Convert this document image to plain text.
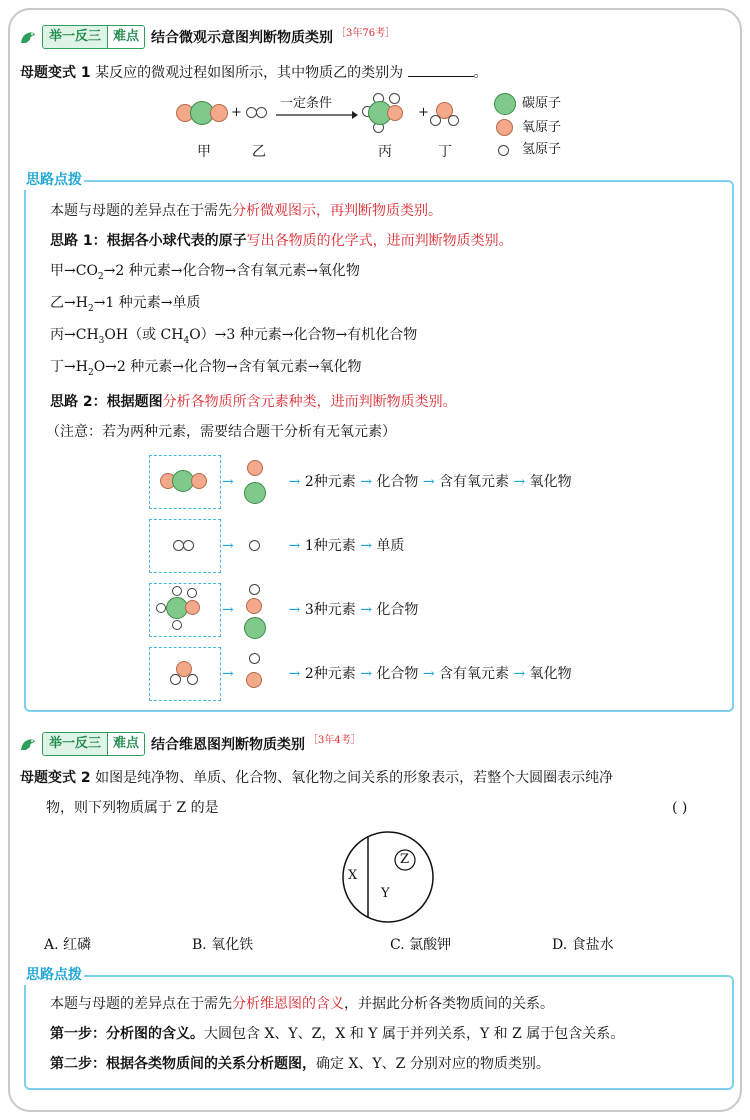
举一反三 难点 结合微观示意图判断物质类别 ［3年76考］
母题变式 1 某反应的微观过程如图所示，其中物质乙的类别为	。
+
一定条件
+
甲	乙	丙	丁
碳原子
氧原子
氢原子
思路点拨
本题与母题的差异点在于需先分析微观图示，再判断物质类别。
思路 1：根据各小球代表的原子写出各物质的化学式，进而判断物质类别。
甲$\to CO_2\to 2$ 种元素→化合物→含有氧元素→氧化物
乙$\to H_2\to 1$ 种元素→单质
丙$\to CH_3OH$（或 $CH_4O)\to 3$ 种元素→化合物→有机化合物
丁$\to H_2O\to 2$ 种元素→化合物→含有氧元素→氧化物
思路 2：根据题图分析各物质所含元素种类，进而判断物质类别。
（注意：若为两种元素，需要结合题干分析有无氧元素）
→	→ 2种元素 → 化合物 → 含有氧元素 → 氧化物
→	→ 1种元素 → 单质
→	→ 3种元素 → 化合物
→	→ 2种元素 → 化合物 → 含有氧元素 → 氧化物
举一反三 难点 结合维恩图判断物质类别 ［3年4考］
母题变式 2 如图是纯净物、单质、化合物、氧化物之间关系的形象表示，若整个大圆圈表示纯净
物，则下列物质属于 Z 的是	( )
X
Y
Z
A. 红磷	B. 氧化铁	C. 氯酸钾	D. 食盐水
思路点拨
本题与母题的差异点在于需先分析维恩图的含义，并据此分析各类物质间的关系。
第一步：分析图的含义。大圆包含 X、Y、Z，X 和 Y 属于并列关系，Y 和 Z 属于包含关系。
第二步：根据各类物质间的关系分析题图，确定 X、Y、Z 分别对应的物质类别。
